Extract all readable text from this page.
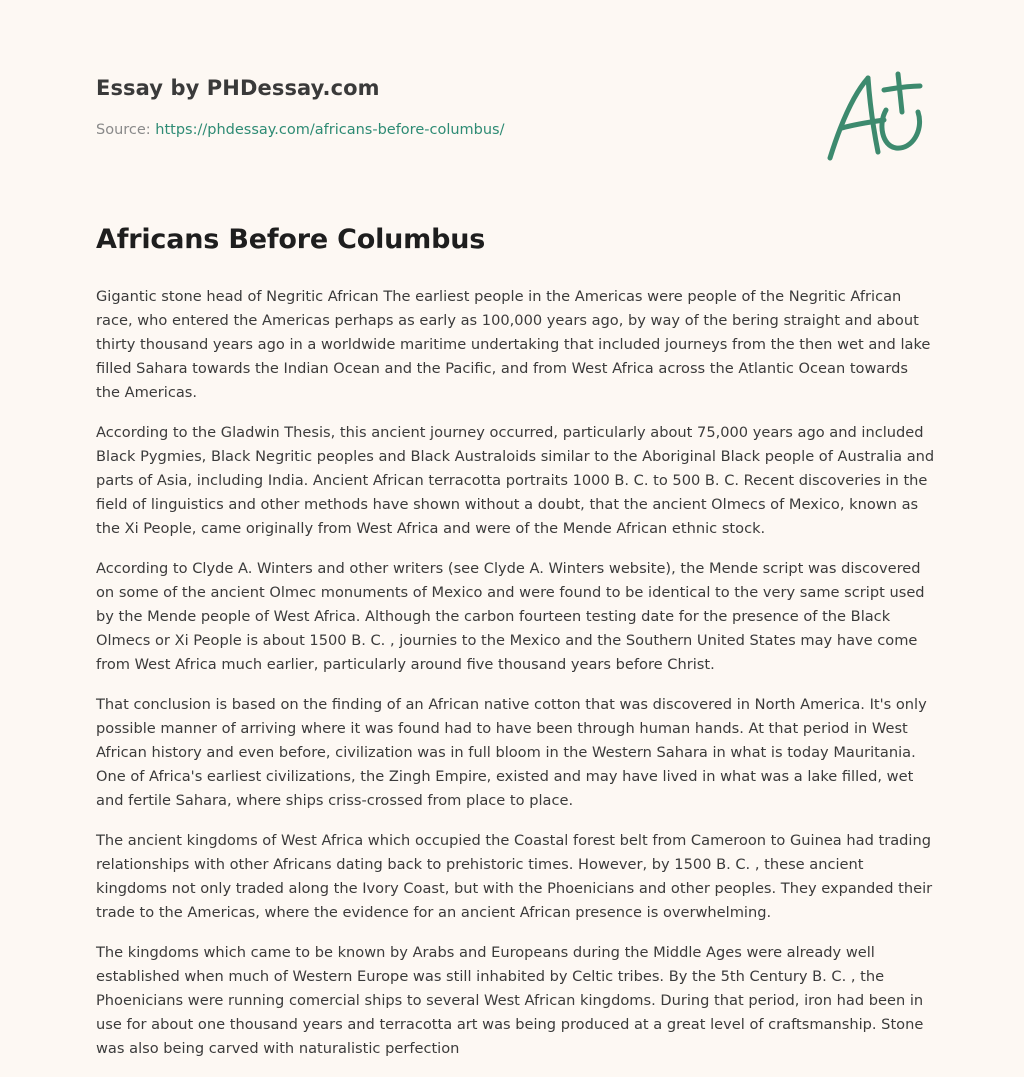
Essay by PHDessay.com
Source: https://phdessay.com/africans-before-columbus/
Africans Before Columbus

Gigantic stone head of Negritic African The earliest people in the Americas were people of the Negritic African race, who entered the Americas perhaps as early as 100,000 years ago, by way of the bering straight and about thirty thousand years ago in a worldwide maritime undertaking that included journeys from the then wet and lake filled Sahara towards the Indian Ocean and the Pacific, and from West Africa across the Atlantic Ocean towards the Americas.

According to the Gladwin Thesis, this ancient journey occurred, particularly about 75,000 years ago and included Black Pygmies, Black Negritic peoples and Black Australoids similar to the Aboriginal Black people of Australia and parts of Asia, including India. Ancient African terracotta portraits 1000 B. C. to 500 B. C. Recent discoveries in the field of linguistics and other methods have shown without a doubt, that the ancient Olmecs of Mexico, known as the Xi People, came originally from West Africa and were of the Mende African ethnic stock.

According to Clyde A. Winters and other writers (see Clyde A. Winters website), the Mende script was discovered on some of the ancient Olmec monuments of Mexico and were found to be identical to the very same script used by the Mende people of West Africa. Although the carbon fourteen testing date for the presence of the Black Olmecs or Xi People is about 1500 B. C. , journies to the Mexico and the Southern United States may have come from West Africa much earlier, particularly around five thousand years before Christ.

That conclusion is based on the finding of an African native cotton that was discovered in North America. It's only possible manner of arriving where it was found had to have been through human hands. At that period in West African history and even before, civilization was in full bloom in the Western Sahara in what is today Mauritania. One of Africa's earliest civilizations, the Zingh Empire, existed and may have lived in what was a lake filled, wet and fertile Sahara, where ships criss-crossed from place to place.

The ancient kingdoms of West Africa which occupied the Coastal forest belt from Cameroon to Guinea had trading relationships with other Africans dating back to prehistoric times. However, by 1500 B. C. , these ancient kingdoms not only traded along the Ivory Coast, but with the Phoenicians and other peoples. They expanded their trade to the Americas, where the evidence for an ancient African presence is overwhelming.

The kingdoms which came to be known by Arabs and Europeans during the Middle Ages were already well established when much of Western Europe was still inhabited by Celtic tribes. By the 5th Century B. C. , the Phoenicians were running comercial ships to several West African kingdoms. During that period, iron had been in use for about one thousand years and terracotta art was being produced at a great level of craftsmanship. Stone was also being carved with naturalistic perfection
